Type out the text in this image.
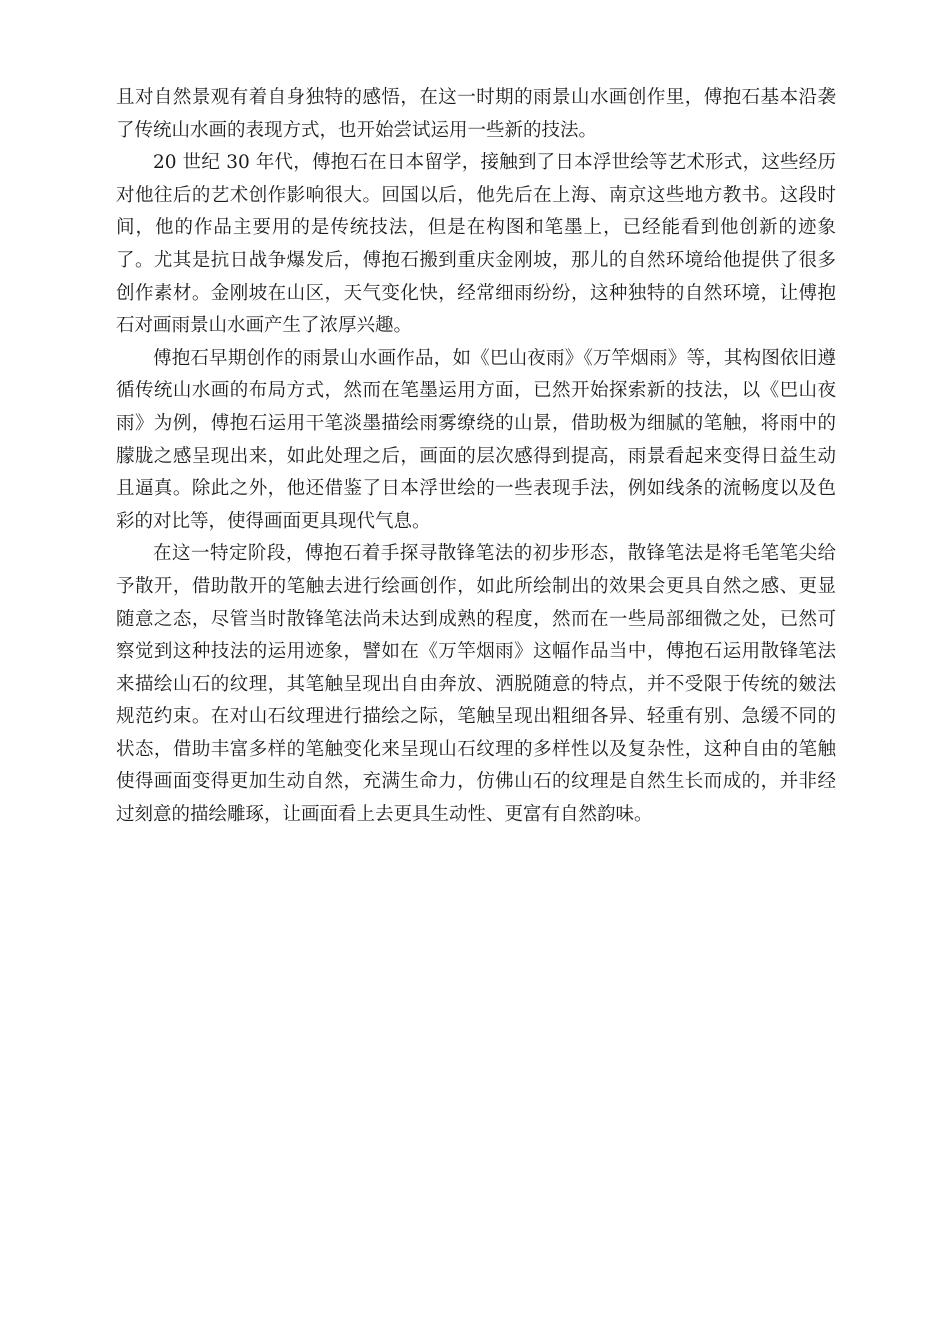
且对自然景观有着自身独特的感悟，在这一时期的雨景山水画创作里，傅抱石基本沿袭了传统山水画的表现方式，也开始尝试运用一些新的技法。

20 世纪 30 年代，傅抱石在日本留学，接触到了日本浮世绘等艺术形式，这些经历对他往后的艺术创作影响很大。回国以后，他先后在上海、南京这些地方教书。这段时间，他的作品主要用的是传统技法，但是在构图和笔墨上，已经能看到他创新的迹象了。尤其是抗日战争爆发后，傅抱石搬到重庆金刚坡，那儿的自然环境给他提供了很多创作素材。金刚坡在山区，天气变化快，经常细雨纷纷，这种独特的自然环境，让傅抱石对画雨景山水画产生了浓厚兴趣。

傅抱石早期创作的雨景山水画作品，如《巴山夜雨》《万竿烟雨》等，其构图依旧遵循传统山水画的布局方式，然而在笔墨运用方面，已然开始探索新的技法，以《巴山夜雨》为例，傅抱石运用干笔淡墨描绘雨雾缭绕的山景，借助极为细腻的笔触，将雨中的朦胧之感呈现出来，如此处理之后，画面的层次感得到提高，雨景看起来变得日益生动且逼真。除此之外，他还借鉴了日本浮世绘的一些表现手法，例如线条的流畅度以及色彩的对比等，使得画面更具现代气息。

在这一特定阶段，傅抱石着手探寻散锋笔法的初步形态，散锋笔法是将毛笔笔尖给予散开，借助散开的笔触去进行绘画创作，如此所绘制出的效果会更具自然之感、更显随意之态，尽管当时散锋笔法尚未达到成熟的程度，然而在一些局部细微之处，已然可察觉到这种技法的运用迹象，譬如在《万竿烟雨》这幅作品当中，傅抱石运用散锋笔法来描绘山石的纹理，其笔触呈现出自由奔放、洒脱随意的特点，并不受限于传统的皴法规范约束。在对山石纹理进行描绘之际，笔触呈现出粗细各异、轻重有别、急缓不同的状态，借助丰富多样的笔触变化来呈现山石纹理的多样性以及复杂性，这种自由的笔触使得画面变得更加生动自然，充满生命力，仿佛山石的纹理是自然生长而成的，并非经过刻意的描绘雕琢，让画面看上去更具生动性、更富有自然韵味。
